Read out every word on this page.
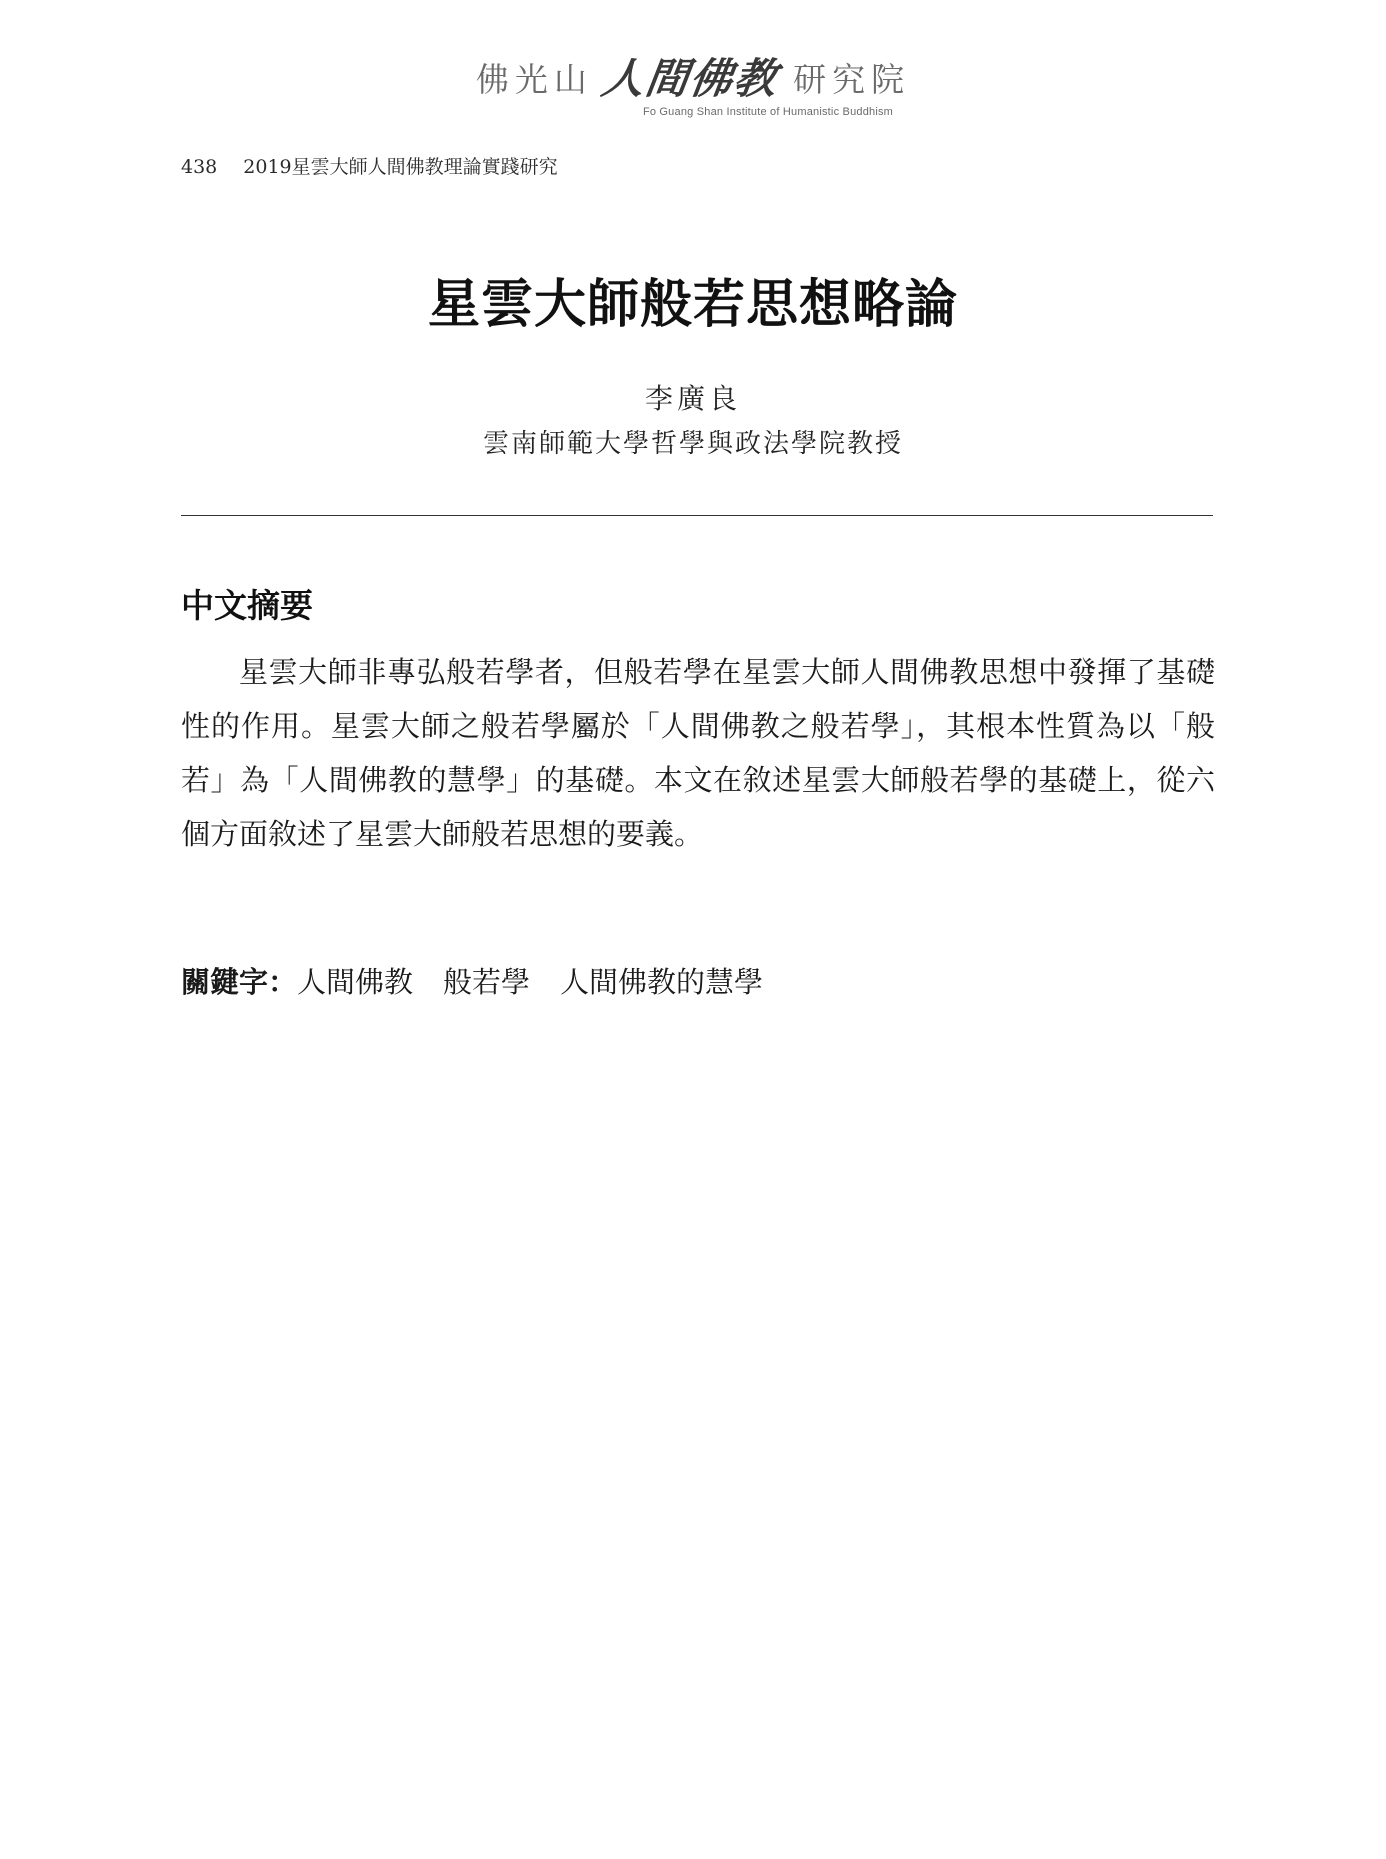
佛光山 人間佛教 研究院
Fo Guang Shan Institute of Humanistic Buddhism
438 2019星雲大師人間佛教理論實踐研究
星雲大師般若思想略論
李廣良
雲南師範大學哲學與政法學院教授
中文摘要

星雲大師非專弘般若學者，但般若學在星雲大師人間佛教思想中發揮了基礎性的作用。星雲大師之般若學屬於「人間佛教之般若學」，其根本性質為以「般若」為「人間佛教的慧學」的基礎。本文在敘述星雲大師般若學的基礎上，從六個方面敘述了星雲大師般若思想的要義。

關鍵字：人間佛教 般若學 人間佛教的慧學
